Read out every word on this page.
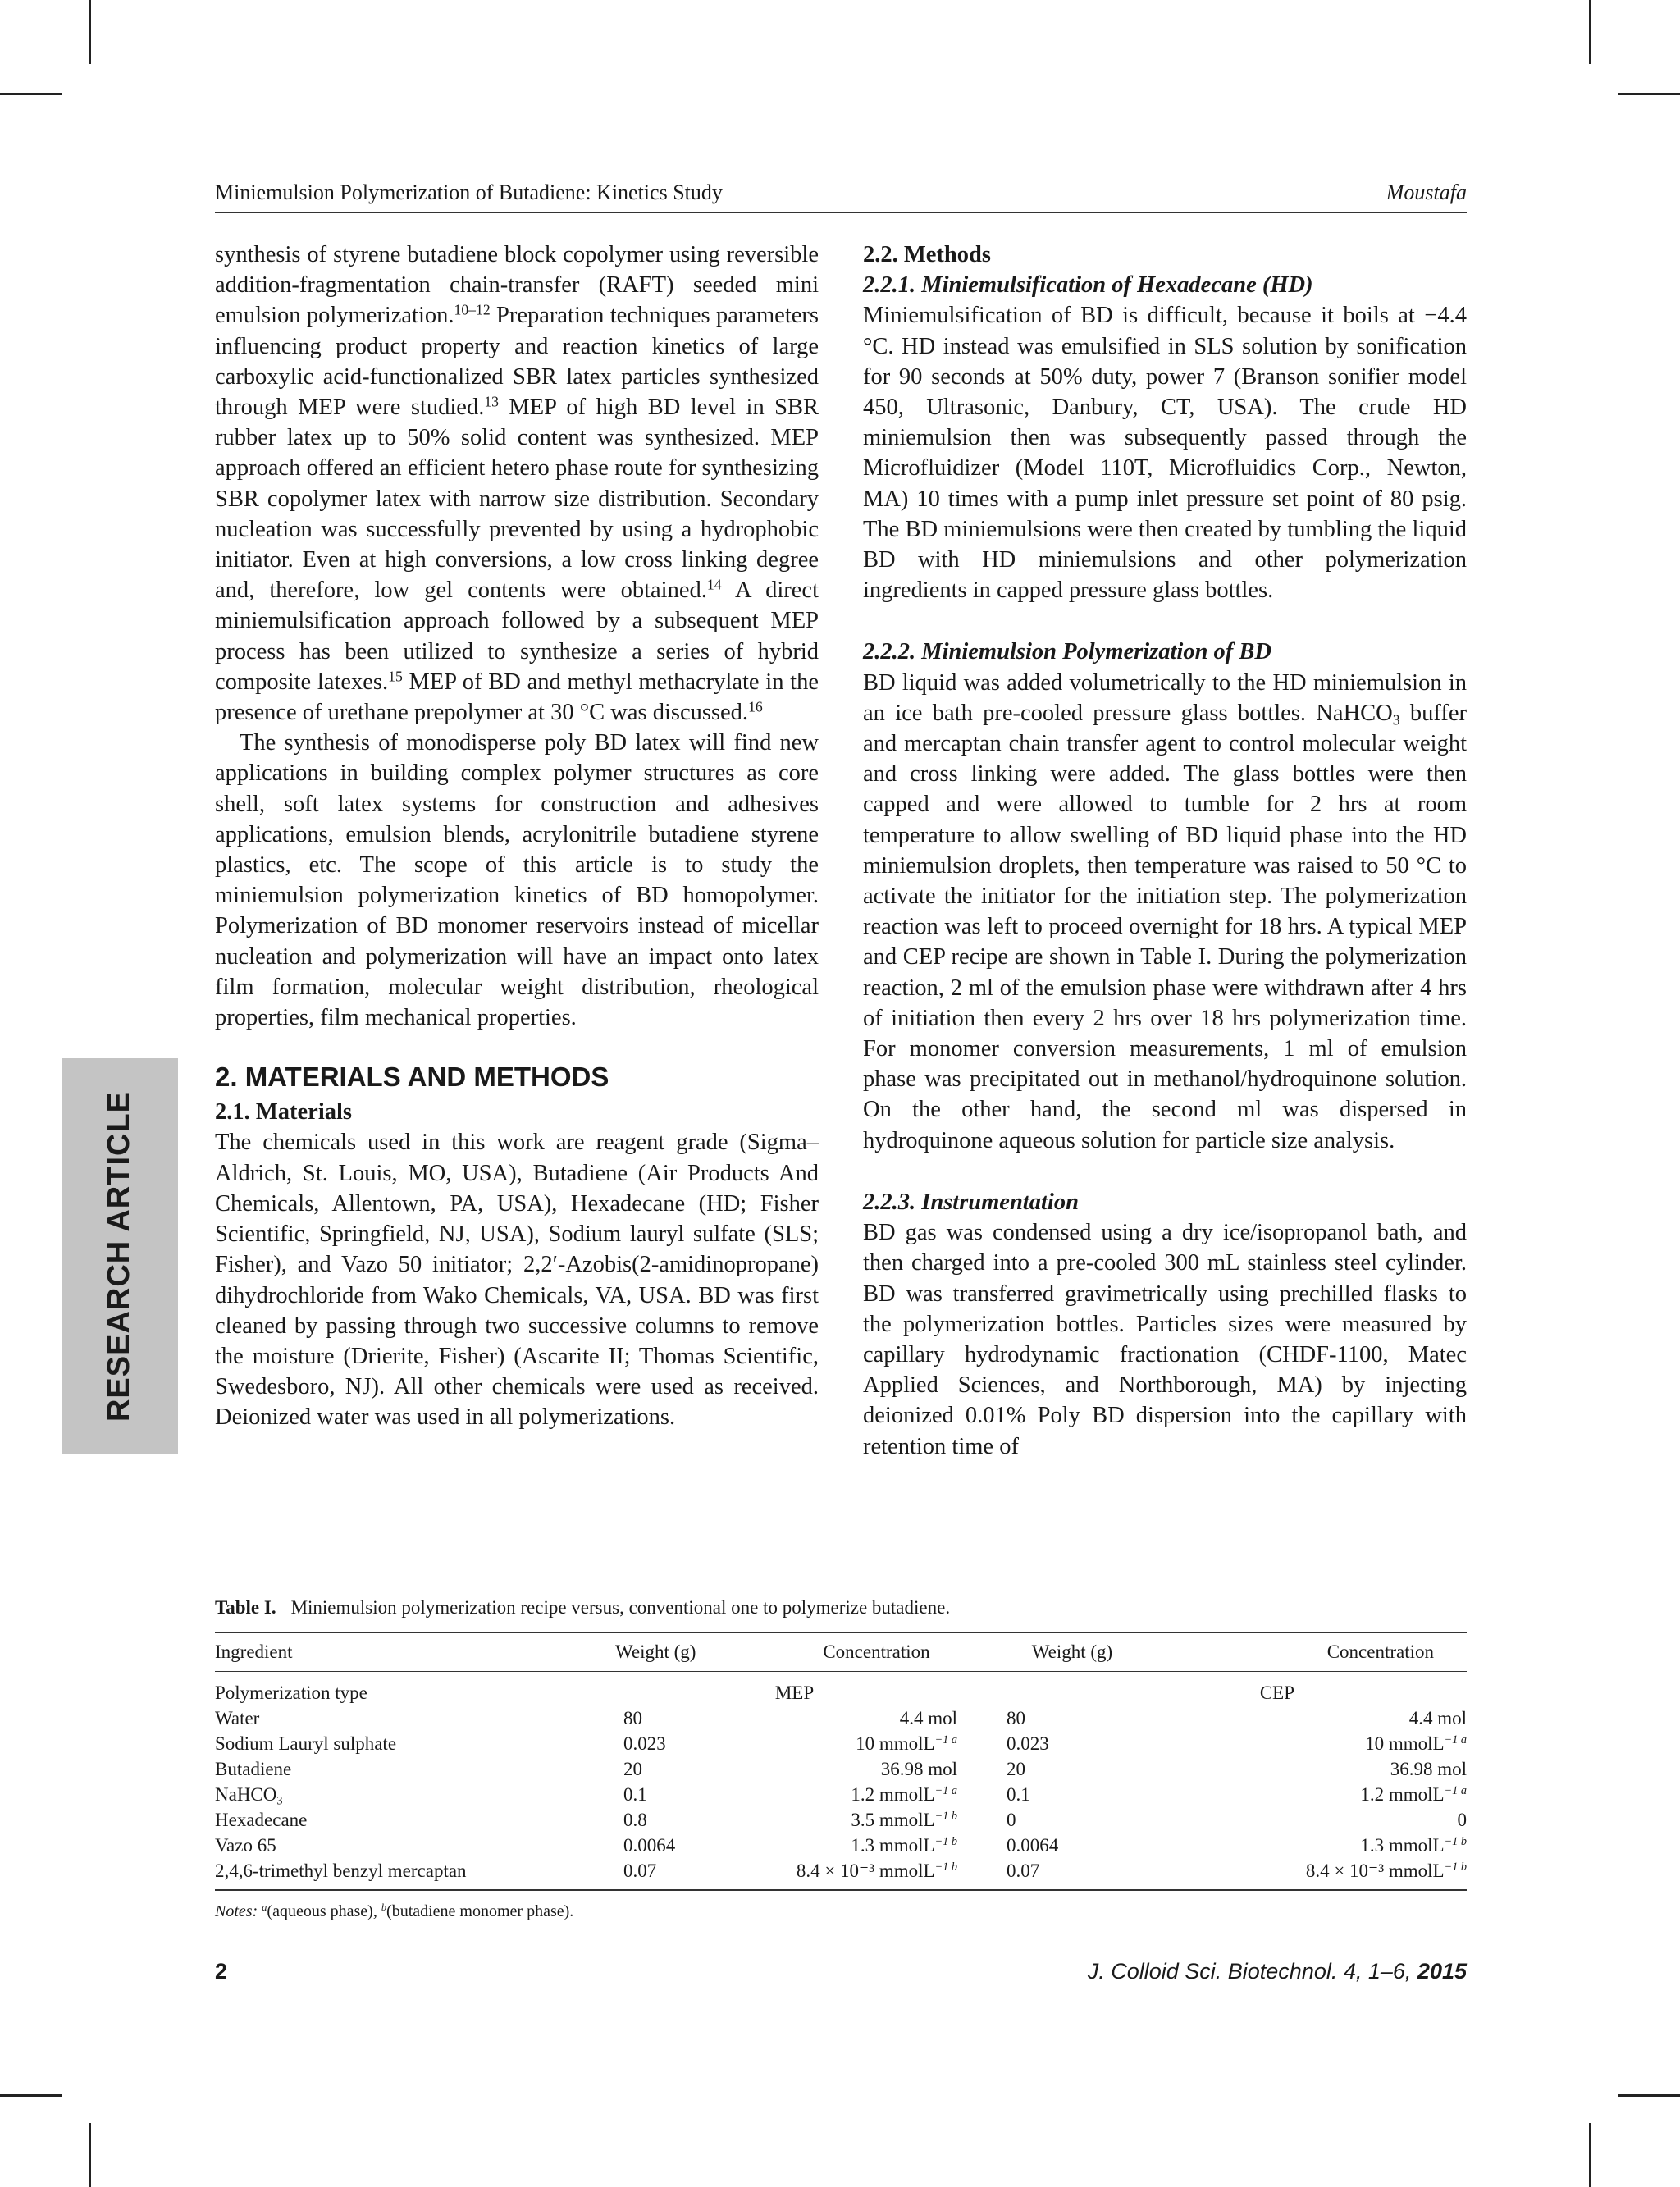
Miniemulsion Polymerization of Butadiene: Kinetics Study	Moustafa
RESEARCH ARTICLE

synthesis of styrene butadiene block copolymer using reversible addition-fragmentation chain-transfer (RAFT) seeded mini emulsion polymerization.$^{10-12}$ Preparation techniques parameters influencing product property and reaction kinetics of large carboxylic acid-functionalized SBR latex particles synthesized through MEP were studied.$^{13}$ MEP of high BD level in SBR rubber latex up to 50% solid content was synthesized. MEP approach offered an efficient hetero phase route for synthesizing SBR copolymer latex with narrow size distribution. Secondary nucleation was successfully prevented by using a hydrophobic initiator. Even at high conversions, a low cross linking degree and, therefore, low gel contents were obtained.$^{14}$ A direct miniemulsification approach followed by a subsequent MEP process has been utilized to synthesize a series of hybrid composite latexes.$^{15}$ MEP of BD and methyl methacrylate in the presence of urethane prepolymer at 30 °C was discussed.$^{16}$

The synthesis of monodisperse poly BD latex will find new applications in building complex polymer structures as core shell, soft latex systems for construction and adhesives applications, emulsion blends, acrylonitrile butadiene styrene plastics, etc. The scope of this article is to study the miniemulsion polymerization kinetics of BD homopolymer. Polymerization of BD monomer reservoirs instead of micellar nucleation and polymerization will have an impact onto latex film formation, molecular weight distribution, rheological properties, film mechanical properties.

2. MATERIALS AND METHODS

2.1. Materials

The chemicals used in this work are reagent grade (Sigma–Aldrich, St. Louis, MO, USA), Butadiene (Air Products And Chemicals, Allentown, PA, USA), Hexadecane (HD; Fisher Scientific, Springfield, NJ, USA), Sodium lauryl sulfate (SLS; Fisher), and Vazo 50 initiator; 2,2′-Azobis(2-amidinopropane) dihydrochloride from Wako Chemicals, VA, USA. BD was first cleaned by passing through two successive columns to remove the moisture (Drierite, Fisher) (Ascarite II; Thomas Scientific, Swedesboro, NJ). All other chemicals were used as received. Deionized water was used in all polymerizations.

2.2. Methods

2.2.1. Miniemulsification of Hexadecane (HD)

Miniemulsification of BD is difficult, because it boils at −4.4 °C. HD instead was emulsified in SLS solution by sonification for 90 seconds at 50% duty, power 7 (Branson sonifier model 450, Ultrasonic, Danbury, CT, USA). The crude HD miniemulsion then was subsequently passed through the Microfluidizer (Model 110T, Microfluidics Corp., Newton, MA) 10 times with a pump inlet pressure set point of 80 psig. The BD miniemulsions were then created by tumbling the liquid BD with HD miniemulsions and other polymerization ingredients in capped pressure glass bottles.

2.2.2. Miniemulsion Polymerization of BD

BD liquid was added volumetrically to the HD miniemulsion in an ice bath pre-cooled pressure glass bottles. NaHCO$_3$ buffer and mercaptan chain transfer agent to control molecular weight and cross linking were added. The glass bottles were then capped and were allowed to tumble for 2 hrs at room temperature to allow swelling of BD liquid phase into the HD miniemulsion droplets, then temperature was raised to 50 °C to activate the initiator for the initiation step. The polymerization reaction was left to proceed overnight for 18 hrs. A typical MEP and CEP recipe are shown in Table I. During the polymerization reaction, 2 ml of the emulsion phase were withdrawn after 4 hrs of initiation then every 2 hrs over 18 hrs polymerization time. For monomer conversion measurements, 1 ml of emulsion phase was precipitated out in methanol/hydroquinone solution. On the other hand, the second ml was dispersed in hydroquinone aqueous solution for particle size analysis.

2.2.3. Instrumentation

BD gas was condensed using a dry ice/isopropanol bath, and then charged into a pre-cooled 300 mL stainless steel cylinder. BD was transferred gravimetrically using prechilled flasks to the polymerization bottles. Particles sizes were measured by capillary hydrodynamic fractionation (CHDF-1100, Matec Applied Sciences, and Northborough, MA) by injecting deionized 0.01% Poly BD dispersion into the capillary with retention time of

Table I. Miniemulsion polymerization recipe versus, conventional one to polymerize butadiene.
Ingredient	Weight (g)	Concentration	Weight (g)	Concentration

Polymerization type	MEP		CEP	
Water	80	4.4 mol	80	4.4 mol
Sodium Lauryl sulphate	0.023	10 mmolL$^{-1 a}$	0.023	10 mmolL$^{-1 a}$
Butadiene	20	36.98 mol	20	36.98 mol
NaHCO$_3$	0.1	1.2 mmolL$^{-1 a}$	0.1	1.2 mmolL$^{-1 a}$
Hexadecane	0.8	3.5 mmolL$^{-1 b}$	0	0
Vazo 65	0.0064	1.3 mmolL$^{-1 b}$	0.0064	1.3 mmolL$^{-1 b}$
2,4,6-trimethyl benzyl mercaptan	0.07	8.4 × 10⁻³ mmolL$^{-1 b}$	0.07	8.4 × 10⁻³ mmolL$^{-1 b}$
Notes: $^a$(aqueous phase), $^b$(butadiene monomer phase).
2	J. Colloid Sci. Biotechnol. 4, 1–6, 2015
